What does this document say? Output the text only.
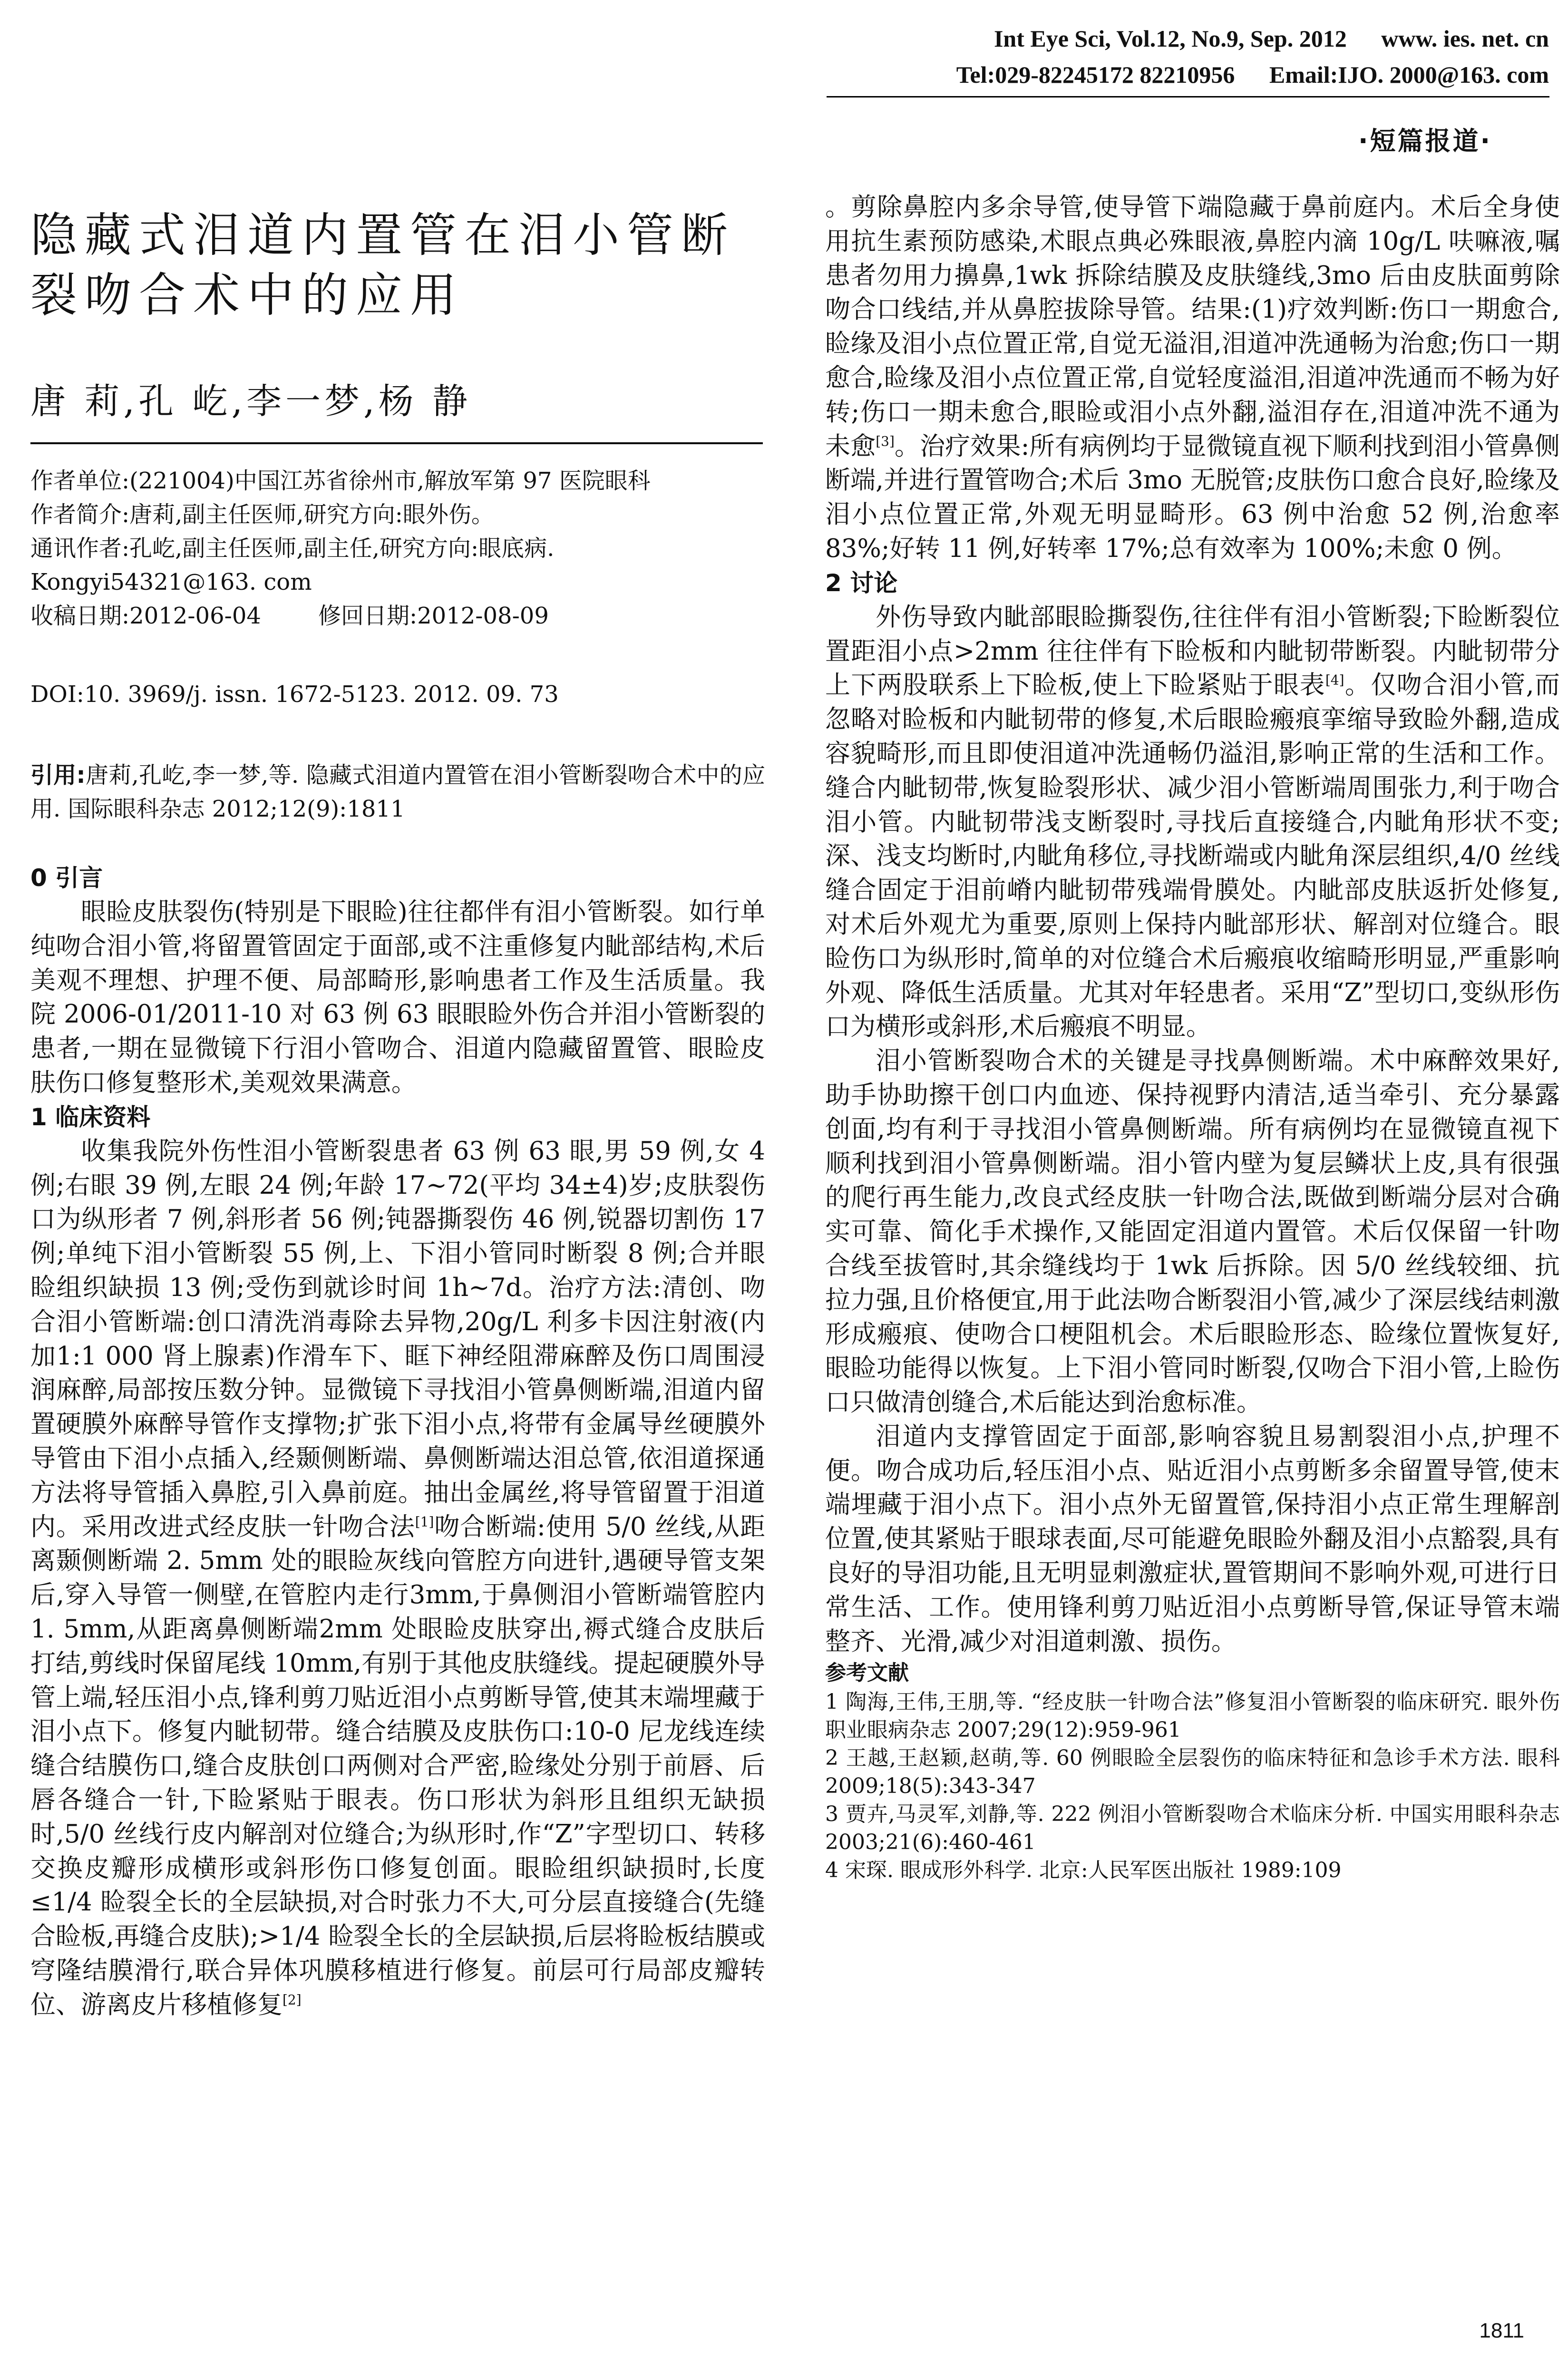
Int Eye Sci, Vol.12, No.9, Sep. 2012 www. ies. net. cn
Tel:029-82245172 82210956 Email:IJO. 2000@163. com
·短篇报道·
隐藏式泪道内置管在泪小管断裂吻合术中的应用
唐 莉,孔 屹,李一梦,杨 静
作者单位:(221004)中国江苏省徐州市,解放军第 97 医院眼科
作者简介:唐莉,副主任医师,研究方向:眼外伤。
通讯作者:孔屹,副主任医师,副主任,研究方向:眼底病.
Kongyi54321@163. com
收稿日期:2012-06-04	修回日期:2012-08-09
DOI:10. 3969/j. issn. 1672-5123. 2012. 09. 73
引用:唐莉,孔屹,李一梦,等. 隐藏式泪道内置管在泪小管断裂吻合术中的应用. 国际眼科杂志 2012;12(9):1811
0 引言

眼睑皮肤裂伤(特别是下眼睑)往往都伴有泪小管断裂。如行单纯吻合泪小管,将留置管固定于面部,或不注重修复内眦部结构,术后美观不理想、护理不便、局部畸形,影响患者工作及生活质量。我院 2006-01/2011-10 对 63 例 63 眼眼睑外伤合并泪小管断裂的患者,一期在显微镜下行泪小管吻合、泪道内隐藏留置管、眼睑皮肤伤口修复整形术,美观效果满意。

1 临床资料

收集我院外伤性泪小管断裂患者 63 例 63 眼,男 59 例,女 4 例;右眼 39 例,左眼 24 例;年龄 17~72(平均 34±4)岁;皮肤裂伤口为纵形者 7 例,斜形者 56 例;钝器撕裂伤 46 例,锐器切割伤 17 例;单纯下泪小管断裂 55 例,上、下泪小管同时断裂 8 例;合并眼睑组织缺损 13 例;受伤到就诊时间 1h~7d。治疗方法:清创、吻合泪小管断端:创口清洗消毒除去异物,20g/L 利多卡因注射液(内加1:1 000 肾上腺素)作滑车下、眶下神经阻滞麻醉及伤口周围浸润麻醉,局部按压数分钟。显微镜下寻找泪小管鼻侧断端,泪道内留置硬膜外麻醉导管作支撑物;扩张下泪小点,将带有金属导丝硬膜外导管由下泪小点插入,经颞侧断端、鼻侧断端达泪总管,依泪道探通方法将导管插入鼻腔,引入鼻前庭。抽出金属丝,将导管留置于泪道内。采用改进式经皮肤一针吻合法[1]吻合断端:使用 5/0 丝线,从距离颞侧断端 2. 5mm 处的眼睑灰线向管腔方向进针,遇硬导管支架后,穿入导管一侧壁,在管腔内走行3mm,于鼻侧泪小管断端管腔内 1. 5mm,从距离鼻侧断端2mm 处眼睑皮肤穿出,褥式缝合皮肤后打结,剪线时保留尾线 10mm,有别于其他皮肤缝线。提起硬膜外导管上端,轻压泪小点,锋利剪刀贴近泪小点剪断导管,使其末端埋藏于泪小点下。修复内眦韧带。缝合结膜及皮肤伤口:10-0 尼龙线连续缝合结膜伤口,缝合皮肤创口两侧对合严密,睑缘处分别于前唇、后唇各缝合一针,下睑紧贴于眼表。伤口形状为斜形且组织无缺损时,5/0 丝线行皮内解剖对位缝合;为纵形时,作“Z”字型切口、转移交换皮瓣形成横形或斜形伤口修复创面。眼睑组织缺损时,长度≤1/4 睑裂全长的全层缺损,对合时张力不大,可分层直接缝合(先缝合睑板,再缝合皮肤);>1/4 睑裂全长的全层缺损,后层将睑板结膜或穹隆结膜滑行,联合异体巩膜移植进行修复。前层可行局部皮瓣转位、游离皮片移植修复[2]

。剪除鼻腔内多余导管,使导管下端隐藏于鼻前庭内。术后全身使用抗生素预防感染,术眼点典必殊眼液,鼻腔内滴 10g/L 呋嘛液,嘱患者勿用力擤鼻,1wk 拆除结膜及皮肤缝线,3mo 后由皮肤面剪除吻合口线结,并从鼻腔拔除导管。结果:(1)疗效判断:伤口一期愈合,睑缘及泪小点位置正常,自觉无溢泪,泪道冲洗通畅为治愈;伤口一期愈合,睑缘及泪小点位置正常,自觉轻度溢泪,泪道冲洗通而不畅为好转;伤口一期未愈合,眼睑或泪小点外翻,溢泪存在,泪道冲洗不通为未愈[3]。治疗效果:所有病例均于显微镜直视下顺利找到泪小管鼻侧断端,并进行置管吻合;术后 3mo 无脱管;皮肤伤口愈合良好,睑缘及泪小点位置正常,外观无明显畸形。63 例中治愈 52 例,治愈率 83%;好转 11 例,好转率 17%;总有效率为 100%;未愈 0 例。

2 讨论

外伤导致内眦部眼睑撕裂伤,往往伴有泪小管断裂;下睑断裂位置距泪小点>2mm 往往伴有下睑板和内眦韧带断裂。内眦韧带分上下两股联系上下睑板,使上下睑紧贴于眼表[4]。仅吻合泪小管,而忽略对睑板和内眦韧带的修复,术后眼睑瘢痕挛缩导致睑外翻,造成容貌畸形,而且即使泪道冲洗通畅仍溢泪,影响正常的生活和工作。缝合内眦韧带,恢复睑裂形状、减少泪小管断端周围张力,利于吻合泪小管。内眦韧带浅支断裂时,寻找后直接缝合,内眦角形状不变;深、浅支均断时,内眦角移位,寻找断端或内眦角深层组织,4/0 丝线缝合固定于泪前嵴内眦韧带残端骨膜处。内眦部皮肤返折处修复,对术后外观尤为重要,原则上保持内眦部形状、解剖对位缝合。眼睑伤口为纵形时,简单的对位缝合术后瘢痕收缩畸形明显,严重影响外观、降低生活质量。尤其对年轻患者。采用“Z”型切口,变纵形伤口为横形或斜形,术后瘢痕不明显。

泪小管断裂吻合术的关键是寻找鼻侧断端。术中麻醉效果好,助手协助擦干创口内血迹、保持视野内清洁,适当牵引、充分暴露创面,均有利于寻找泪小管鼻侧断端。所有病例均在显微镜直视下顺利找到泪小管鼻侧断端。泪小管内壁为复层鳞状上皮,具有很强的爬行再生能力,改良式经皮肤一针吻合法,既做到断端分层对合确实可靠、简化手术操作,又能固定泪道内置管。术后仅保留一针吻合线至拔管时,其余缝线均于 1wk 后拆除。因 5/0 丝线较细、抗拉力强,且价格便宜,用于此法吻合断裂泪小管,减少了深层线结刺激形成瘢痕、使吻合口梗阻机会。术后眼睑形态、睑缘位置恢复好,眼睑功能得以恢复。上下泪小管同时断裂,仅吻合下泪小管,上睑伤口只做清创缝合,术后能达到治愈标准。

泪道内支撑管固定于面部,影响容貌且易割裂泪小点,护理不便。吻合成功后,轻压泪小点、贴近泪小点剪断多余留置导管,使末端埋藏于泪小点下。泪小点外无留置管,保持泪小点正常生理解剖位置,使其紧贴于眼球表面,尽可能避免眼睑外翻及泪小点豁裂,具有良好的导泪功能,且无明显刺激症状,置管期间不影响外观,可进行日常生活、工作。使用锋利剪刀贴近泪小点剪断导管,保证导管末端整齐、光滑,减少对泪道刺激、损伤。

参考文献
1 陶海,王伟,王朋,等. “经皮肤一针吻合法”修复泪小管断裂的临床研究. 眼外伤职业眼病杂志 2007;29(12):959-961
2 王越,王赵颖,赵萌,等. 60 例眼睑全层裂伤的临床特征和急诊手术方法. 眼科 2009;18(5):343-347
3 贾卉,马灵军,刘静,等. 222 例泪小管断裂吻合术临床分析. 中国实用眼科杂志 2003;21(6):460-461
4 宋琛. 眼成形外科学. 北京:人民军医出版社 1989:109
1811
